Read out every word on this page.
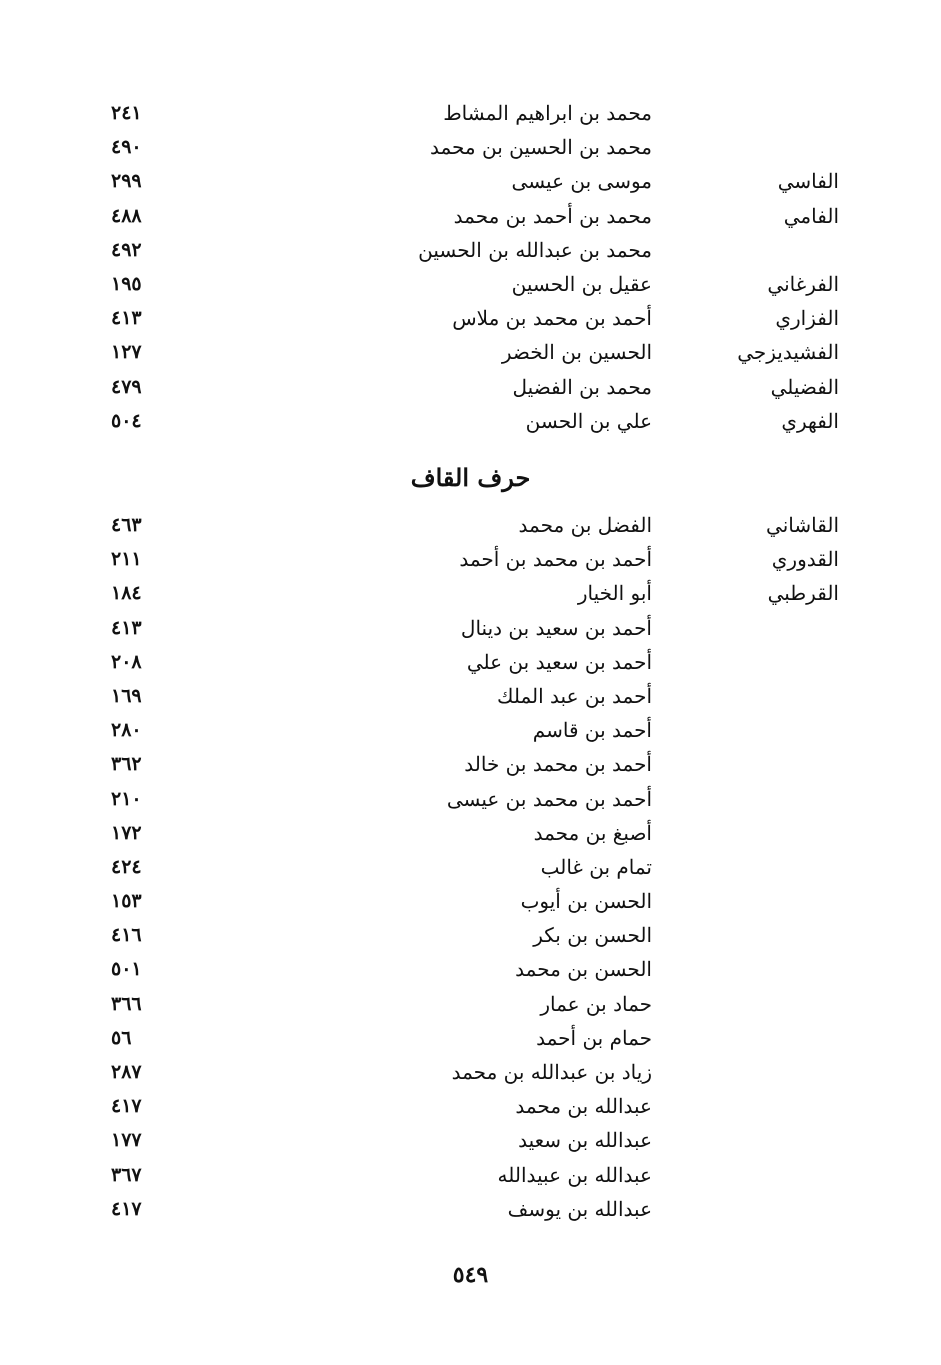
محمد بن ابراهيم المشاط
٢٤١
محمد بن الحسين بن محمد
٤٩٠
الفاسي
موسى بن عيسى
٢٩٩
الفامي
محمد بن أحمد بن محمد
٤٨٨
محمد بن عبدالله بن الحسين
٤٩٢
الفرغاني
عقيل بن الحسين
١٩٥
الفزاري
أحمد بن محمد بن ملاس
٤١٣
الفشيديزجي
الحسين بن الخضر
١٢٧
الفضيلي
محمد بن الفضيل
٤٧٩
الفهري
علي بن الحسن
٥٠٤
حرف القاف
القاشاني
الفضل بن محمد
٤٦٣
القدوري
أحمد بن محمد بن أحمد
٢١١
القرطبي
أبو الخيار
١٨٤
أحمد بن سعيد بن دينال
٤١٣
أحمد بن سعيد بن علي
٢٠٨
أحمد بن عبد الملك
١٦٩
أحمد بن قاسم
٢٨٠
أحمد بن محمد بن خالد
٣٦٢
أحمد بن محمد بن عيسى
٢١٠
أصبغ بن محمد
١٧٢
تمام بن غالب
٤٢٤
الحسن بن أيوب
١٥٣
الحسن بن بكر
٤١٦
الحسن بن محمد
٥٠١
حماد بن عمار
٣٦٦
حمام بن أحمد
٥٦
زياد بن عبدالله بن محمد
٢٨٧
عبدالله بن محمد
٤١٧
عبدالله بن سعيد
١٧٧
عبدالله بن عبيدالله
٣٦٧
عبدالله بن يوسف
٤١٧
٥٤٩
